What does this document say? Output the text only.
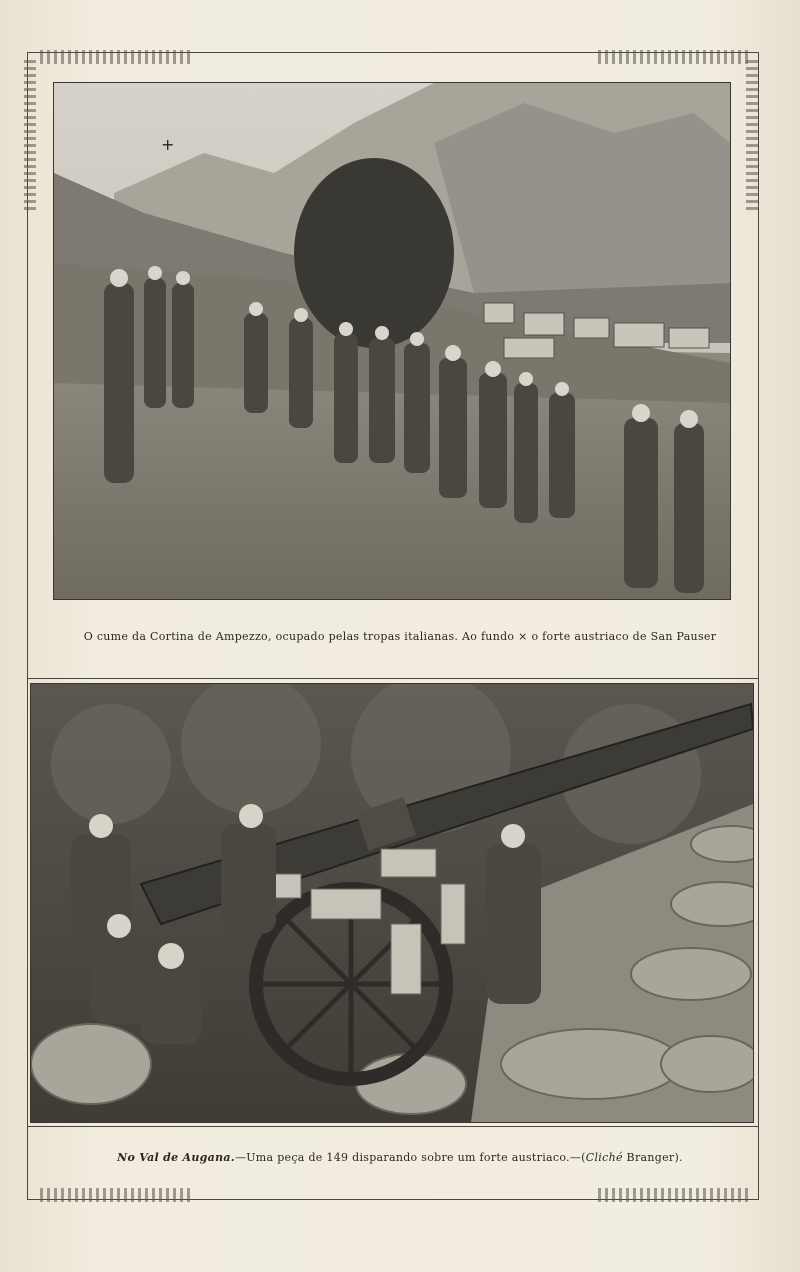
+
O cume da Cortina de Ampezzo, ocupado pelas tropas italianas. Ao fundo × o forte austriaco de San Pauser
No Val de Augana.—Uma peça de 149 disparando sobre um forte austriaco.—(Cliché Branger).
